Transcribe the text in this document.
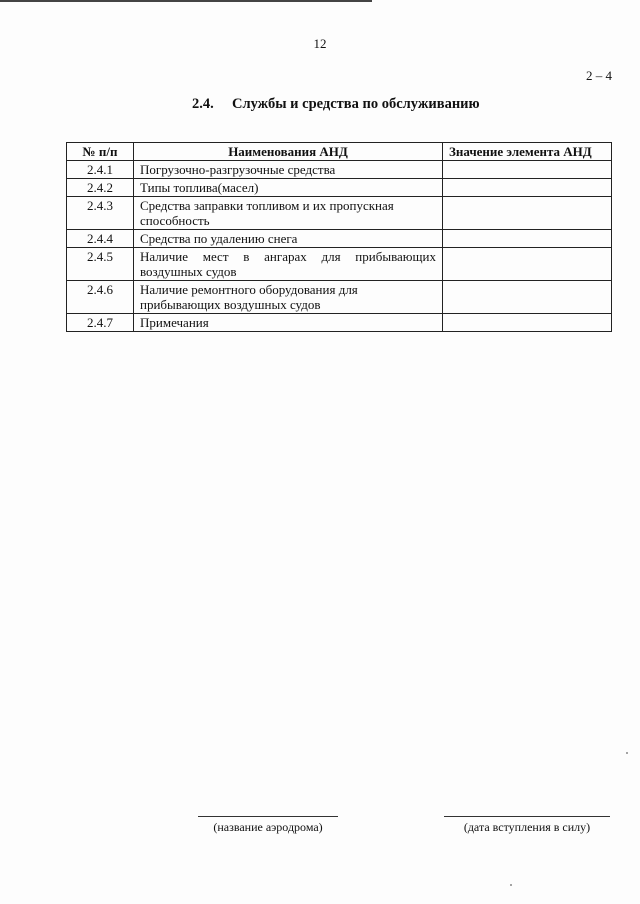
12
2 – 4
2.4. Службы и средства по обслуживанию
№ п/п	Наименования АНД	Значение элемента АНД
2.4.1	Погрузочно-разгрузочные средства	
2.4.2	Типы топлива(масел)	
2.4.3	Средства заправки топливом и их пропускная способность	
2.4.4	Средства по удалению снега	
2.4.5	Наличие мест в ангарах для прибывающих воздушных судов	
2.4.6	Наличие ремонтного оборудования для прибывающих воздушных судов	
2.4.7	Примечания	
(название аэродрома)	(дата вступления в силу)
